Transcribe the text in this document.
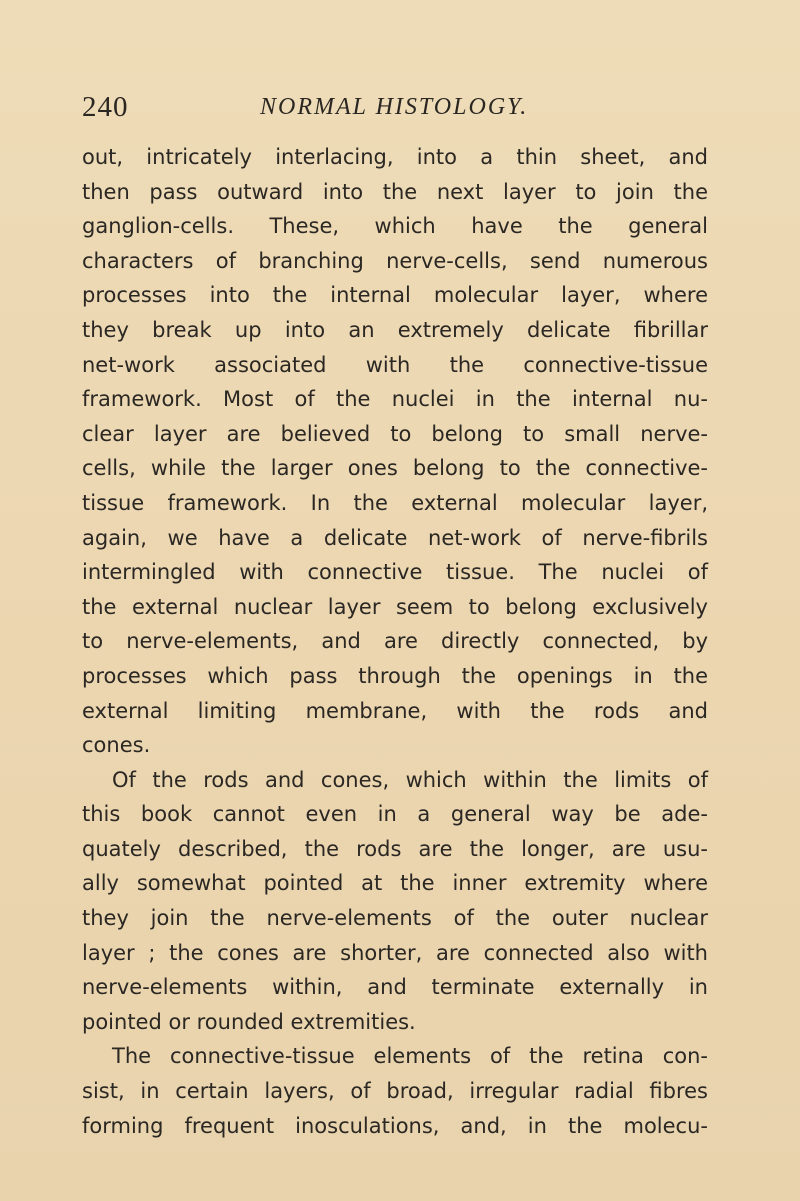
240	NORMAL HISTOLOGY.
out, intricately interlacing, into a thin sheet, and
then pass outward into the next layer to join the
ganglion-cells. These, which have the general
characters of branching nerve-cells, send numerous
processes into the internal molecular layer, where
they break up into an extremely delicate fibrillar
net-work associated with the connective-tissue
framework. Most of the nuclei in the internal nu-
clear layer are believed to belong to small nerve-
cells, while the larger ones belong to the connective-
tissue framework. In the external molecular layer,
again, we have a delicate net-work of nerve-fibrils
intermingled with connective tissue. The nuclei of
the external nuclear layer seem to belong exclusively
to nerve-elements, and are directly connected, by
processes which pass through the openings in the
external limiting membrane, with the rods and
cones.
Of the rods and cones, which within the limits of
this book cannot even in a general way be ade-
quately described, the rods are the longer, are usu-
ally somewhat pointed at the inner extremity where
they join the nerve-elements of the outer nuclear
layer ; the cones are shorter, are connected also with
nerve-elements within, and terminate externally in
pointed or rounded extremities.
The connective-tissue elements of the retina con-
sist, in certain layers, of broad, irregular radial fibres
forming frequent inosculations, and, in the molecu-
